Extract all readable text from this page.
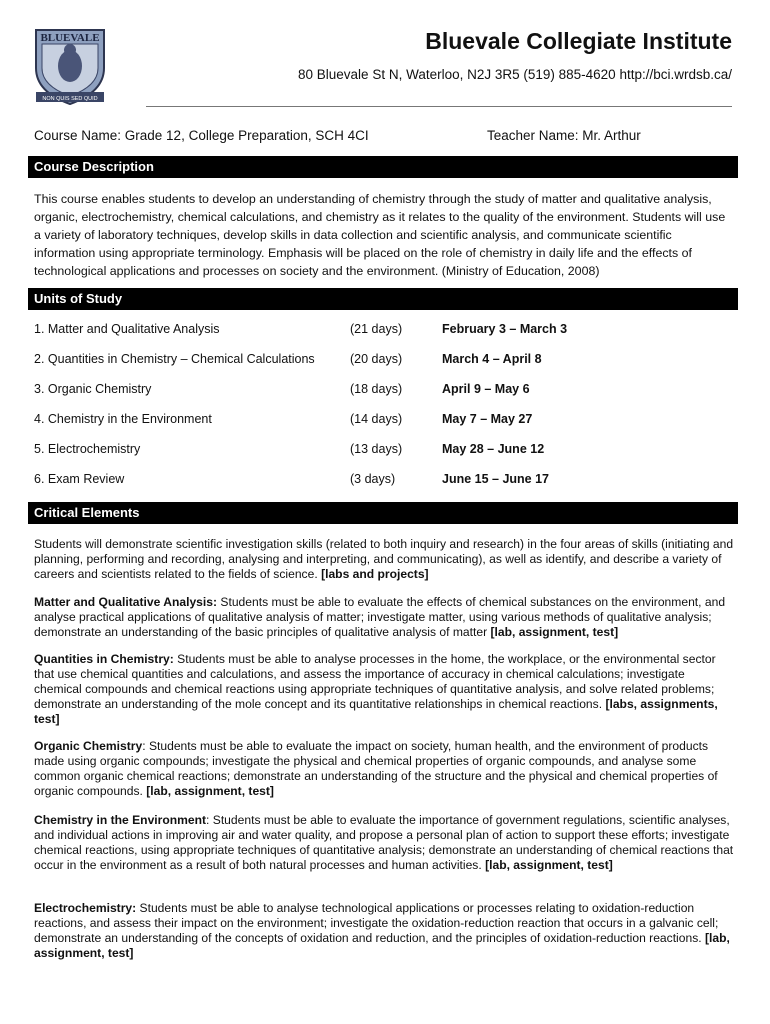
BLUEVALE
NON QUIS SED QUID
Bluevale Collegiate Institute
80 Bluevale St N, Waterloo, N2J 3R5 (519) 885-4620 http://bci.wrdsb.ca/
Course Name: Grade 12, College Preparation, SCH 4CI	Teacher Name: Mr. Arthur
Course Description
This course enables students to develop an understanding of chemistry through the study of matter and qualitative analysis, organic, electrochemistry, chemical calculations, and chemistry as it relates to the quality of the environment. Students will use a variety of laboratory techniques, develop skills in data collection and scientific analysis, and communicate scientific information using appropriate terminology. Emphasis will be placed on the role of chemistry in daily life and the effects of technological applications and processes on society and the environment. (Ministry of Education, 2008)
Units of Study
1. Matter and Qualitative Analysis	(21 days)	February 3 – March 3
2. Quantities in Chemistry – Chemical Calculations	(20 days)	March 4 – April 8
3. Organic Chemistry	(18 days)	April 9 – May 6
4. Chemistry in the Environment	(14 days)	May 7 – May 27
5. Electrochemistry	(13 days)	May 28 – June 12
6. Exam Review	(3 days)	June 15 – June 17
Critical Elements
Students will demonstrate scientific investigation skills (related to both inquiry and research) in the four areas of skills (initiating and planning, performing and recording, analysing and interpreting, and communicating), as well as identify, and describe a variety of careers and scientists related to the fields of science. [labs and projects]
Matter and Qualitative Analysis: Students must be able to evaluate the effects of chemical substances on the environment, and analyse practical applications of qualitative analysis of matter; investigate matter, using various methods of qualitative analysis; demonstrate an understanding of the basic principles of qualitative analysis of matter [lab, assignment, test]
Quantities in Chemistry: Students must be able to analyse processes in the home, the workplace, or the environmental sector that use chemical quantities and calculations, and assess the importance of accuracy in chemical calculations; investigate chemical compounds and chemical reactions using appropriate techniques of quantitative analysis, and solve related problems; demonstrate an understanding of the mole concept and its quantitative relationships in chemical reactions. [labs, assignments, test]
Organic Chemistry: Students must be able to evaluate the impact on society, human health, and the environment of products made using organic compounds; investigate the physical and chemical properties of organic compounds, and analyse some common organic chemical reactions; demonstrate an understanding of the structure and the physical and chemical properties of organic compounds. [lab, assignment, test]
Chemistry in the Environment: Students must be able to evaluate the importance of government regulations, scientific analyses, and individual actions in improving air and water quality, and propose a personal plan of action to support these efforts; investigate chemical reactions, using appropriate techniques of quantitative analysis; demonstrate an understanding of chemical reactions that occur in the environment as a result of both natural processes and human activities. [lab, assignment, test]
Electrochemistry: Students must be able to analyse technological applications or processes relating to oxidation-reduction reactions, and assess their impact on the environment; investigate the oxidation-reduction reaction that occurs in a galvanic cell; demonstrate an understanding of the concepts of oxidation and reduction, and the principles of oxidation-reduction reactions. [lab, assignment, test]
